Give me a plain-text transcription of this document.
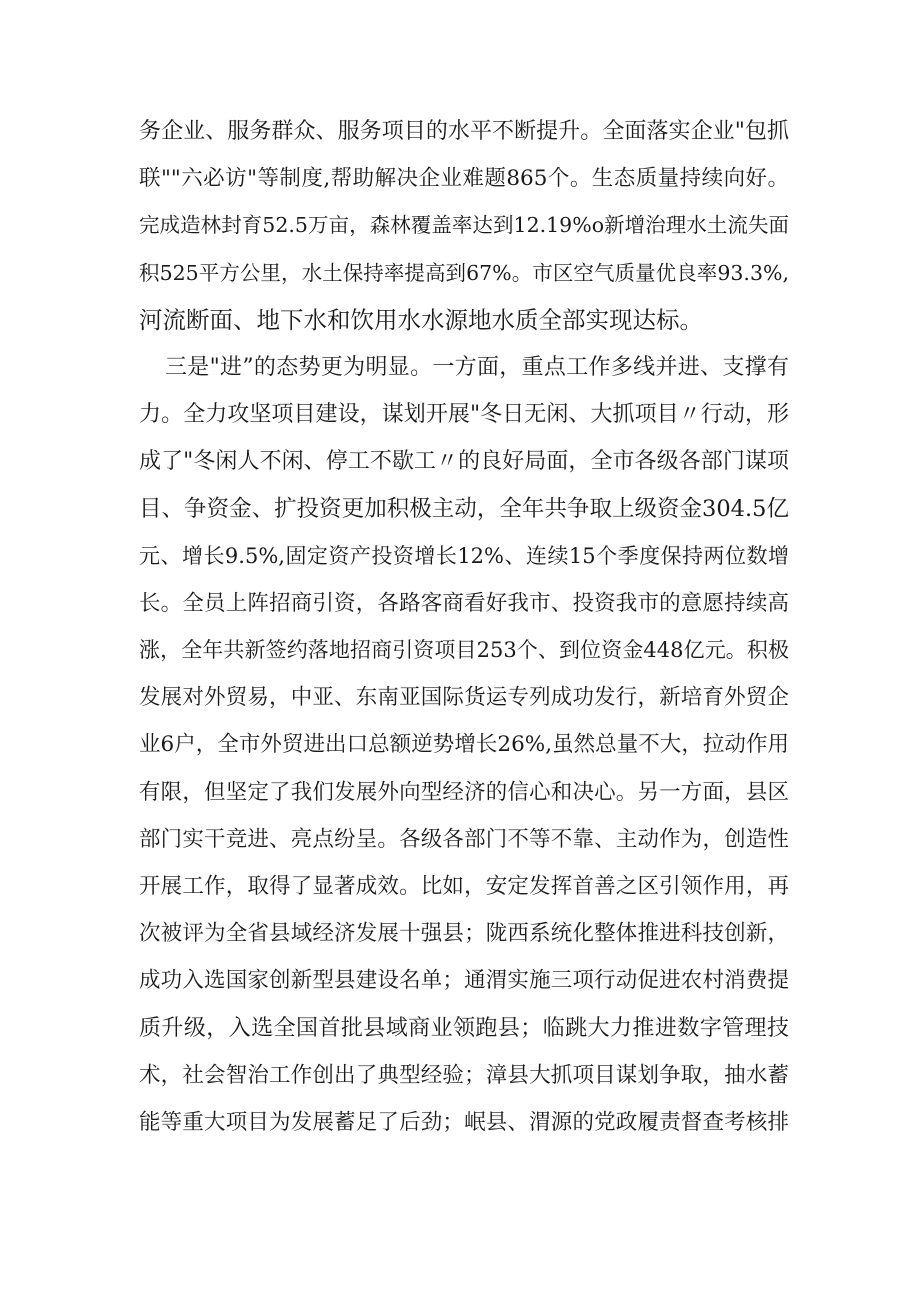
务企业、服务群众、服务项目的水平不断提升。全面落实企业"包抓
联""六必访"等制度,帮助解决企业难题865个。生态质量持续向好。
完成造林封育52.5万亩，森林覆盖率达到12.19%o新增治理水土流失面
积525平方公里，水土保持率提高到67%。市区空气质量优良率93.3%,
河流断面、地下水和饮用水水源地水质全部实现达标。
三是"进”的态势更为明显。一方面，重点工作多线并进、支撑有
力。全力攻坚项目建设，谋划开展"冬日无闲、大抓项目〃行动，形
成了"冬闲人不闲、停工不歇工〃的良好局面，全市各级各部门谋项
目、争资金、扩投资更加积极主动，全年共争取上级资金304.5亿
元、增长9.5%,固定资产投资增长12%、连续15个季度保持两位数增
长。全员上阵招商引资，各路客商看好我市、投资我市的意愿持续高
涨，全年共新签约落地招商引资项目253个、到位资金448亿元。积极
发展对外贸易，中亚、东南亚国际货运专列成功发行，新培育外贸企
业6户，全市外贸进出口总额逆势增长26%,虽然总量不大，拉动作用
有限，但坚定了我们发展外向型经济的信心和决心。另一方面，县区
部门实干竞进、亮点纷呈。各级各部门不等不靠、主动作为，创造性
开展工作，取得了显著成效。比如，安定发挥首善之区引领作用，再
次被评为全省县域经济发展十强县；陇西系统化整体推进科技创新，
成功入选国家创新型县建设名单；通渭实施三项行动促进农村消费提
质升级，入选全国首批县域商业领跑县；临跳大力推进数字管理技
术，社会智治工作创出了典型经验；漳县大抓项目谋划争取，抽水蓄
能等重大项目为发展蓄足了后劲；岷县、渭源的党政履责督查考核排
